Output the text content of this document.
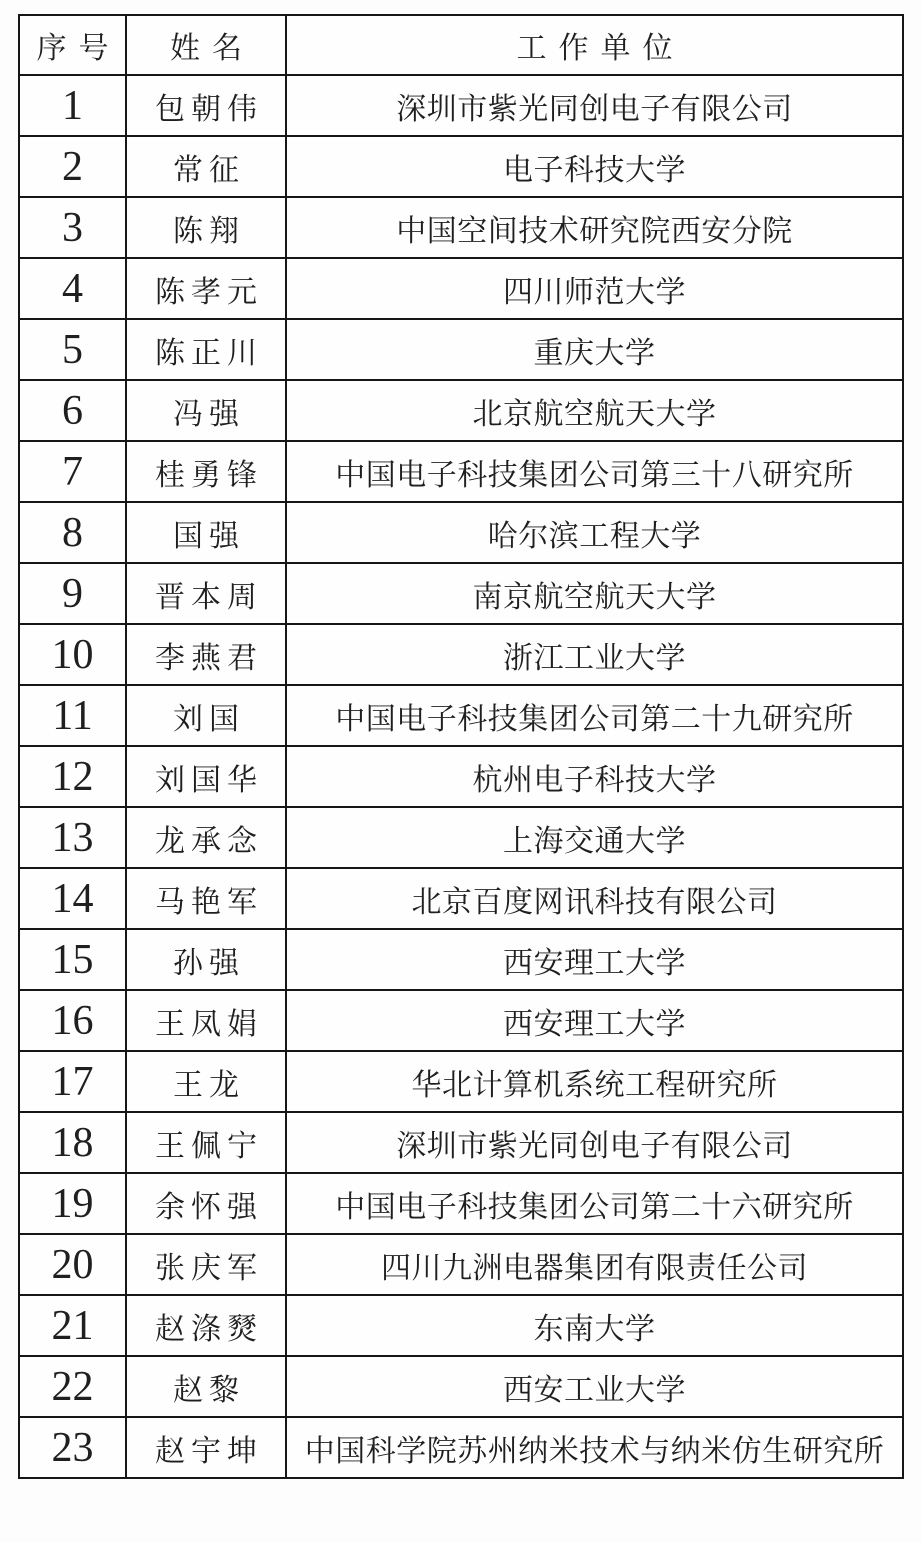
序号	姓名	工作单位
1	包朝伟	深圳市紫光同创电子有限公司
2	常征	电子科技大学
3	陈翔	中国空间技术研究院西安分院
4	陈孝元	四川师范大学
5	陈正川	重庆大学
6	冯强	北京航空航天大学
7	桂勇锋	中国电子科技集团公司第三十八研究所
8	国强	哈尔滨工程大学
9	晋本周	南京航空航天大学
10	李燕君	浙江工业大学
11	刘国	中国电子科技集团公司第二十九研究所
12	刘国华	杭州电子科技大学
13	龙承念	上海交通大学
14	马艳军	北京百度网讯科技有限公司
15	孙强	西安理工大学
16	王凤娟	西安理工大学
17	王龙	华北计算机系统工程研究所
18	王佩宁	深圳市紫光同创电子有限公司
19	余怀强	中国电子科技集团公司第二十六研究所
20	张庆军	四川九洲电器集团有限责任公司
21	赵涤燹	东南大学
22	赵黎	西安工业大学
23	赵宇坤	中国科学院苏州纳米技术与纳米仿生研究所
